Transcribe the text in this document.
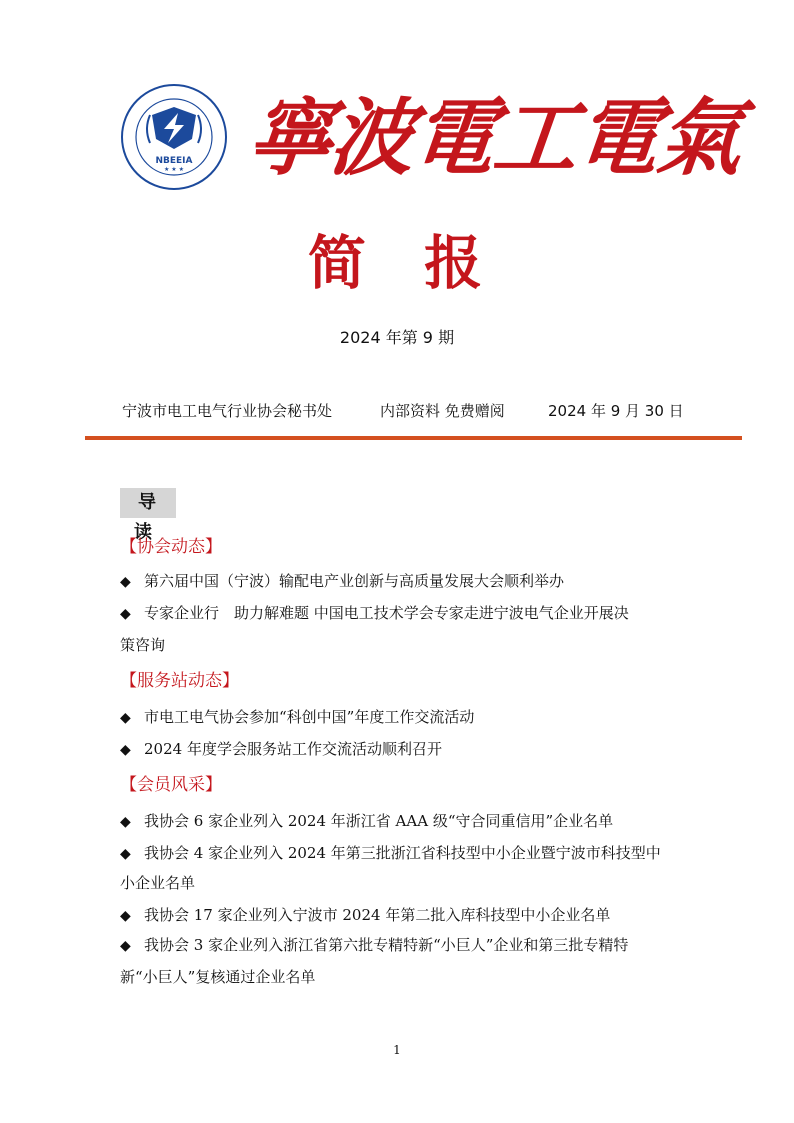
NBEEIA
★ ★ ★ 寧波電工電氣
简 报
2024 年第 9 期
宁波市电工电气行业协会秘书处	内部资料 免费赠阅	2024 年 9 月 30 日
导 读
【协会动态】
◆ 第六届中国（宁波）输配电产业创新与高质量发展大会顺利举办
◆ 专家企业行　助力解难题 中国电工技术学会专家走进宁波电气企业开展决
策咨询
【服务站动态】
◆ 市电工电气协会参加“科创中国”年度工作交流活动
◆ 2024 年度学会服务站工作交流活动顺利召开
【会员风采】
◆ 我协会 6 家企业列入 2024 年浙江省 AAA 级“守合同重信用”企业名单
◆ 我协会 4 家企业列入 2024 年第三批浙江省科技型中小企业暨宁波市科技型中
小企业名单
◆ 我协会 17 家企业列入宁波市 2024 年第二批入库科技型中小企业名单
◆ 我协会 3 家企业列入浙江省第六批专精特新“小巨人”企业和第三批专精特
新“小巨人”复核通过企业名单
1
